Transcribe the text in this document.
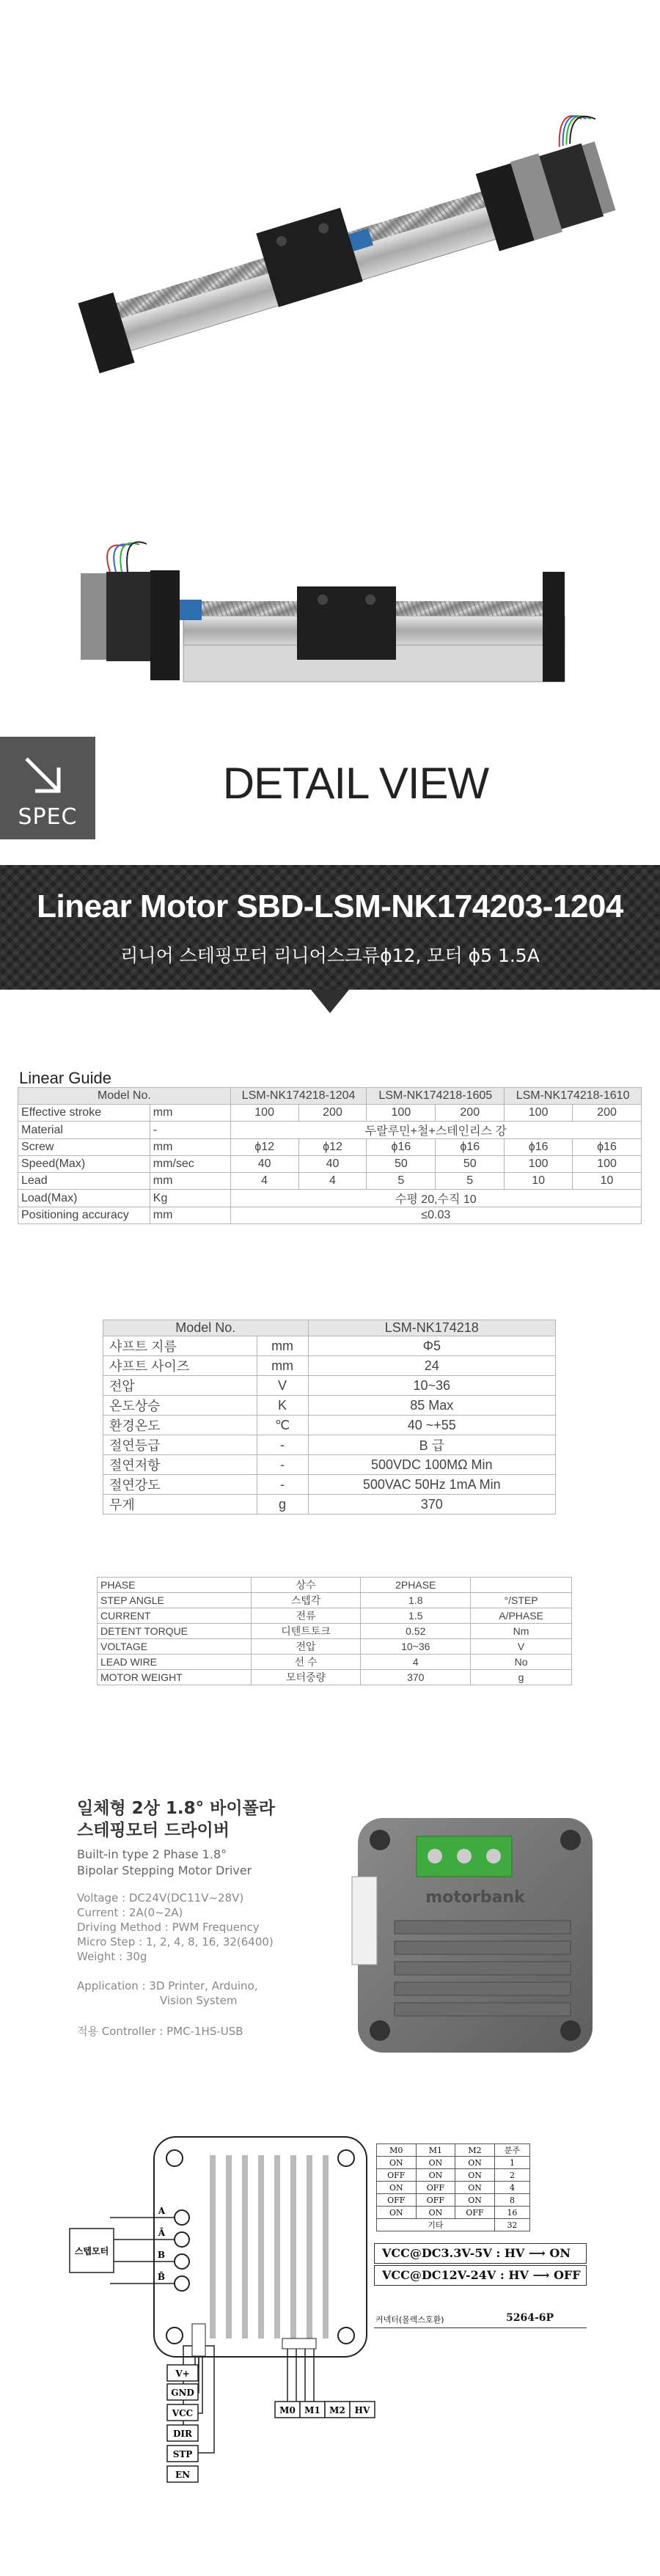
SPEC
DETAIL VIEW
Linear Motor SBD-LSM-NK174203-1204
리니어 스테핑모터 리니어스크류ϕ12, 모터 ϕ5 1.5A
Linear Guide
Model No.		LSM-NK174218-1204		LSM-NK174218-1605		LSM-NK174218-1610	
Effective stroke	mm	100	200	100	200	100	200
Material	-	두랄루민+철+스테인리스 강					
Screw	mm	ϕ12	ϕ12	ϕ16	ϕ16	ϕ16	ϕ16
Speed(Max)	mm/sec	40	40	50	50	100	100
Lead	mm	4	4	5	5	10	10
Load(Max)	Kg	수평 20,수직 10					
Positioning accuracy	mm	≤0.03					
Model No.		LSM-NK174218
샤프트 지름	mm	Φ5
샤프트 사이즈	mm	24
전압	V	10~36
온도상승	K	85 Max
환경온도	℃	40 ~+55
절연등급	-	B 급
절연저항	-	500VDC 100MΩ Min
절연강도	-	500VAC 50Hz 1mA Min
무게	g	370
PHASE	상수	2PHASE	
STEP ANGLE	스텝각	1.8	°/STEP
CURRENT	전류	1.5	A/PHASE
DETENT TORQUE	디텐트토크	0.52	Nm
VOLTAGE	전압	10~36	V
LEAD WIRE	선 수	4	No
MOTOR WEIGHT	모터중량	370	g
일체형 2상 1.8° 바이폴라
스테핑모터 드라이버
Built-in type 2 Phase 1.8°
Bipolar Stepping Motor Driver
Voltage : DC24V(DC11V~28V)
Current : 2A(0~2A)
Driving Method : PWM Frequency
Micro Step : 1, 2, 4, 8, 16, 32(6400)
Weight : 30g
Application : 3D Printer, Arduino,
Vision System
적용 Controller : PMC-1HS-USB
motorbank
스텝모터
A
Ā
B
B̄
V+
GND
VCC
DIR
STP
EN
M0 M1 M2 HV
M0	M1	M2	분주
ON	ON	ON	1
OFF	ON	ON	2
ON	OFF	ON	4
OFF	OFF	ON	8
ON	ON	OFF	16
기타			32
VCC@DC3.3V-5V : HV ⟶ ON
VCC@DC12V-24V : HV ⟶ OFF
커넥터(몰렉스호환)	5264-6P
